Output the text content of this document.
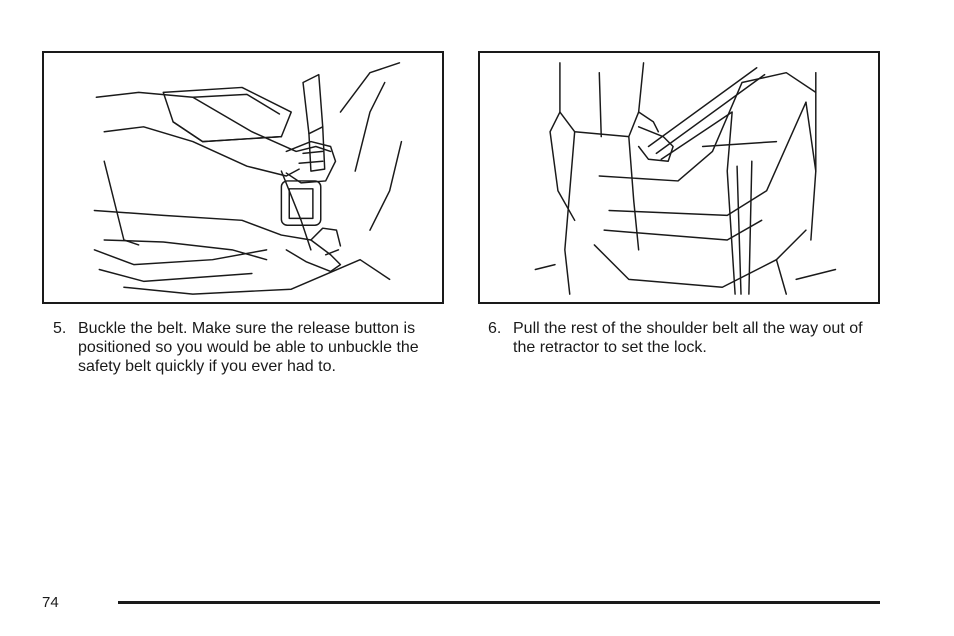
5. Buckle the belt. Make sure the release button is positioned so you would be able to unbuckle the safety belt quickly if you ever had to.
6. Pull the rest of the shoulder belt all the way out of the retractor to set the lock.
74
